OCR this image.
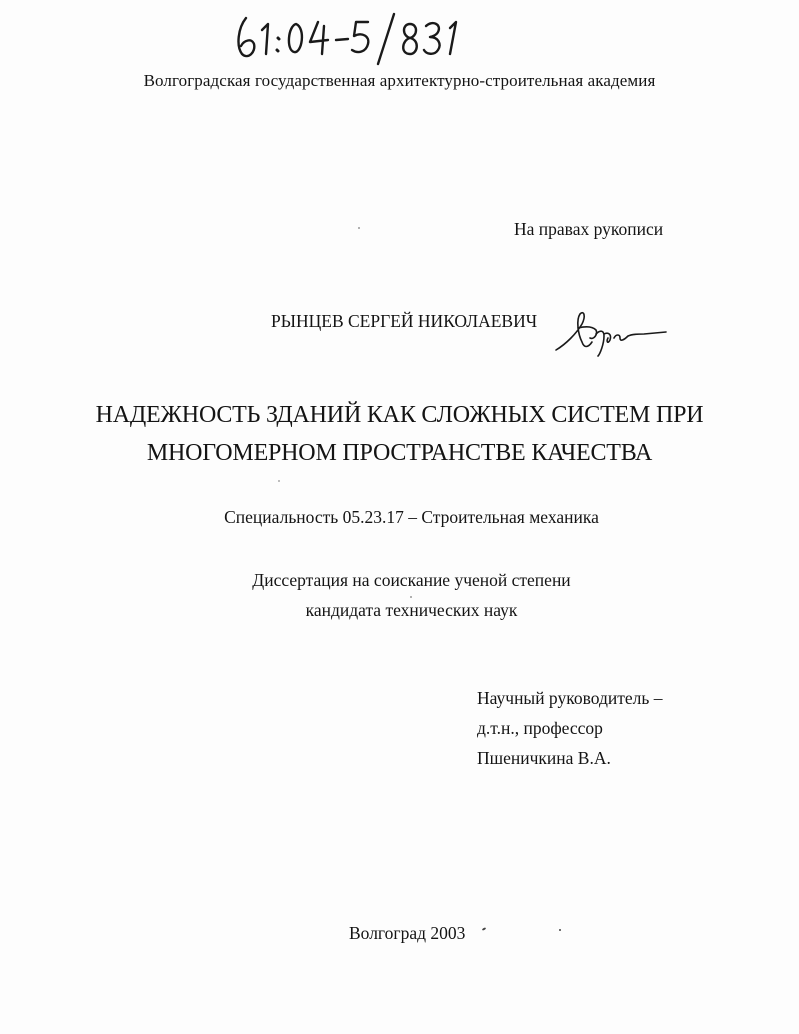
Волгоградская государственная архитектурно-строительная академия
На правах рукописи
РЫНЦЕВ СЕРГЕЙ НИКОЛАЕВИЧ
НАДЕЖНОСТЬ ЗДАНИЙ КАК СЛОЖНЫХ СИСТЕМ ПРИ
МНОГОМЕРНОМ ПРОСТРАНСТВЕ КАЧЕСТВА
Специальность 05.23.17 – Строительная механика
Диссертация на соискание ученой степени
кандидата технических наук
Научный руководитель –
д.т.н., профессор
Пшеничкина В.А.
Волгоград 2003
